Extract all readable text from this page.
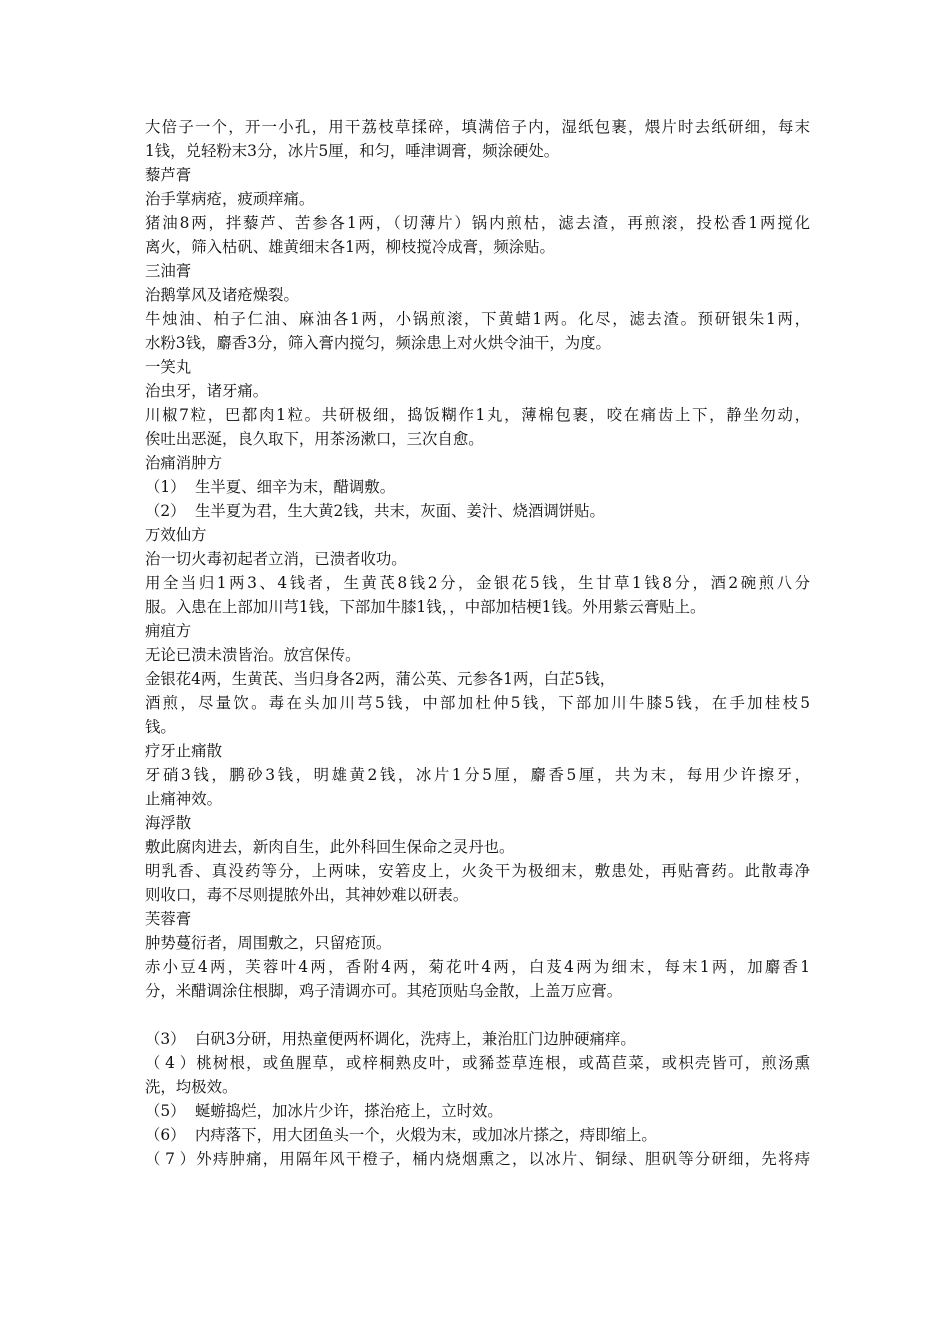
大倍子一个，开一小孔，用干荔枝草揉碎，填满倍子内，湿纸包裹，煨片时去纸研细，每末
1钱，兑轻粉末3分，冰片5厘，和匀，唾津调膏，频涂硬处。
藜芦膏
治手掌病疮，疲顽痒痛。
猪油8两，拌藜芦、苦参各1两，（切薄片）锅内煎枯，滤去渣，再煎滚，投松香1两搅化
离火，筛入枯矾、雄黄细末各1两，柳枝搅冷成膏，频涂贴。
三油膏
治鹅掌风及诸疮燥裂。
牛烛油、柏子仁油、麻油各1两，小锅煎滚，下黄蜡1两。化尽，滤去渣。预研银朱1两，
水粉3钱，麝香3分，筛入膏内搅匀，频涂患上对火烘令油干，为度。
一笑丸
治虫牙，诸牙痛。
川椒7粒，巴都肉1粒。共研极细，捣饭糊作1丸，薄棉包裹，咬在痛齿上下，静坐勿动，
俟吐出恶涎，良久取下，用茶汤漱口，三次自愈。
治痛消肿方
（1） 生半夏、细辛为末，醋调敷。
（2） 生半夏为君，生大黄2钱，共末，灰面、姜汁、烧酒调饼贴。
万效仙方
治一切火毒初起者立消，已溃者收功。
用全当归1两3、4钱者，生黄芪8钱2分，金银花5钱，生甘草1钱8分，酒2碗煎八分
服。入患在上部加川芎1钱，下部加牛膝1钱，，中部加桔梗1钱。外用紫云膏贴上。
痈疽方
无论已溃未溃皆治。放宫保传。
金银花4两，生黄芪、当归身各2两，蒲公英、元参各1两，白芷5钱，
酒煎，尽量饮。毒在头加川芎5钱，中部加杜仲5钱，下部加川牛膝5钱，在手加桂枝5
钱。
疗牙止痛散
牙硝3钱，鹏砂3钱，明雄黄2钱，冰片1分5厘，麝香5厘，共为末，每用少许擦牙，
止痛神效。
海浮散
敷此腐肉进去，新肉自生，此外科回生保命之灵丹也。
明乳香、真没药等分，上两味，安箬皮上，火灸干为极细末，敷患处，再贴膏药。此散毒净
则收口，毒不尽则提脓外出，其神妙难以研表。
芙蓉膏
肿势蔓衍者，周围敷之，只留疮顶。
赤小豆4两，芙蓉叶4两，香附4两，菊花叶4两，白芨4两为细末，每末1两，加麝香1
分，米醋调涂住根脚，鸡子清调亦可。其疮顶贴乌金散，上盖万应膏。
（3） 白矾3分研，用热童便两杯调化，洗痔上，兼治肛门边肿硬痛痒。
（4）桃树根，或鱼腥草，或梓桐熟皮叶，或豨莶草连根，或萵苣菜，或枳壳皆可，煎汤熏
洗，均极效。
（5） 蜒蝣捣烂，加冰片少许，搽治疮上，立时效。
（6） 内痔落下，用大团鱼头一个，火煅为末，或加冰片搽之，痔即缩上。
（7）外痔肿痛，用隔年风干橙子，桶内烧烟熏之，以冰片、铜绿、胆矾等分研细，先将痔
